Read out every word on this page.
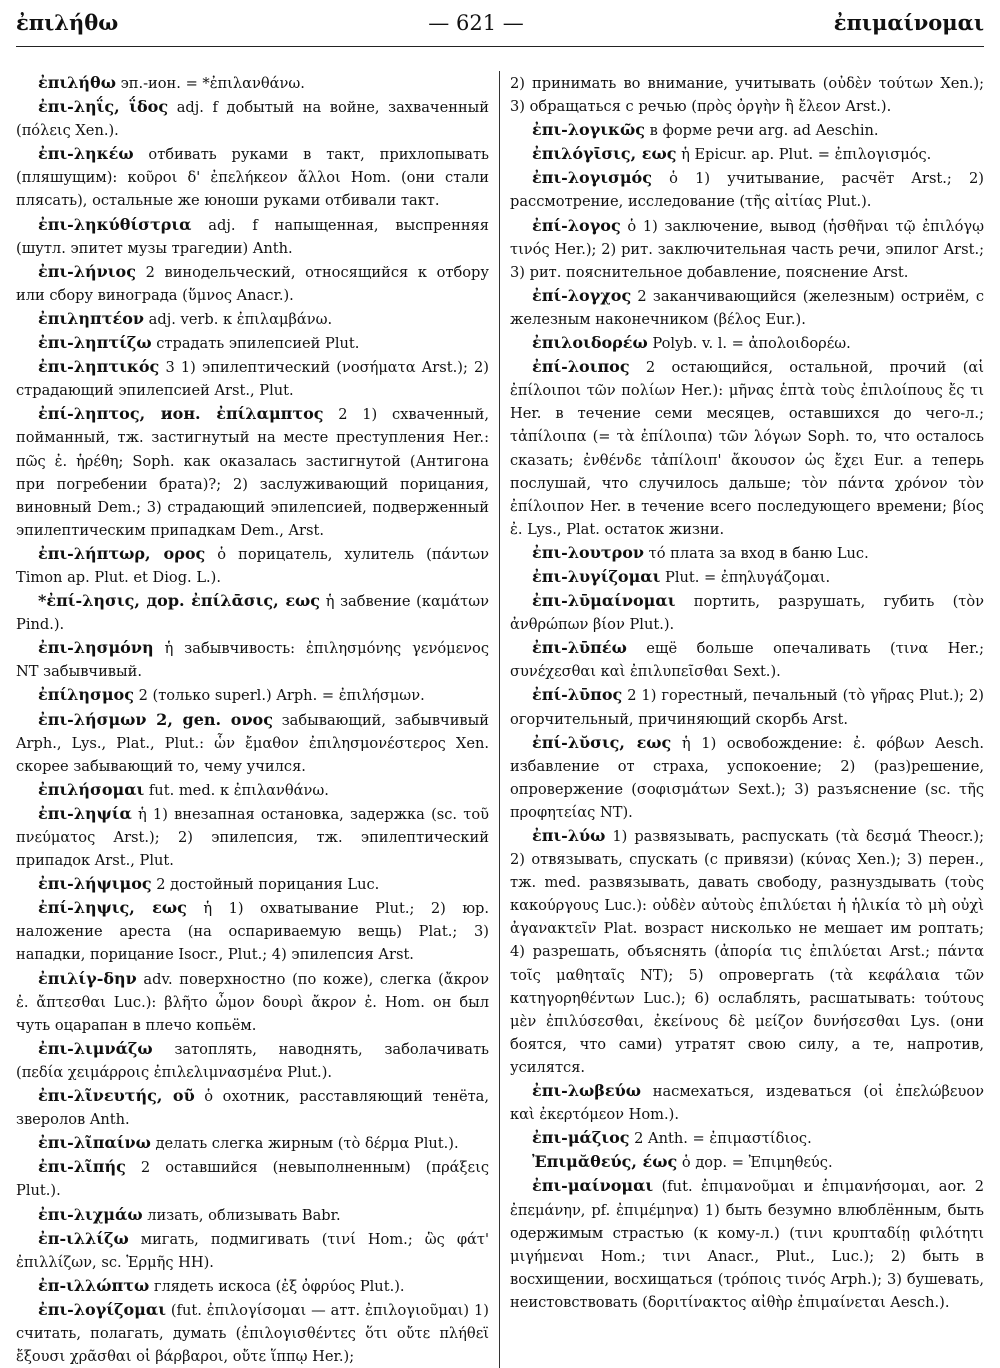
ἐπιλήθω	— 621 —	ἐπιμαίνομαι

ἐπιλήθω эп.-ион. = *ἐπιλανθάνω.

ἐπι-ληΐς, ΐδος adj. f добытый на войне, захваченный (πόλεις Xen.).

ἐπι-ληκέω отбивать руками в такт, прихлопывать (пляшущим): κοῦροι δ' ἐπελήκεον ἄλλοι Hom. (они стали плясать), остальные же юноши руками отбивали такт.

ἐπι-ληκύθίστρια adj. f напыщенная, выспренняя (шутл. эпитет музы трагедии) Anth.

ἐπι-λήνιος 2 винодельческий, относящийся к отбору или сбору винограда (ὕμνος Anacr.).

ἐπιληπτέον adj. verb. к ἐπιλαμβάνω.

ἐπι-ληπτίζω страдать эпилепсией Plut.

ἐπι-ληπτικός 3 1) эпилептический (νοσήματα Arst.); 2) страдающий эпилепсией Arst., Plut.

ἐπί-ληπτος, ион. ἐπίλαμπτος 2 1) схваченный, пойманный, тж. застигнутый на месте преступления Her.: πῶς ἐ. ἡρέθη; Soph. как оказалась застигнутой (Антигона при погребении брата)?; 2) заслуживающий порицания, виновный Dem.; 3) страдающий эпилепсией, подверженный эпилептическим припадкам Dem., Arst.

ἐπι-λήπτωρ, ορος ὁ порицатель, хулитель (πάντων Timon ap. Plut. et Diog. L.).

*ἐπί-λησις, дор. ἐπίλᾱσις, εως ἡ забвение (καμάτων Pind.).

ἐπι-λησμόνη ἡ забывчивость: ἐπιλησμόνης γενόμενος NT забывчивый.

ἐπίλησμος 2 (только superl.) Arph. = ἐπιλήσμων.

ἐπι-λήσμων 2, gen. ονος забывающий, забывчивый Arph., Lys., Plat., Plut.: ὧν ἔμαθον ἐπιλησμονέστερος Xen. скорее забывающий то, чему учился.

ἐπιλήσομαι fut. med. к ἐπιλανθάνω.

ἐπι-ληψία ἡ 1) внезапная остановка, задержка (sc. τοῦ πνεύματος Arst.); 2) эпилепсия, тж. эпилептический припадок Arst., Plut.

ἐπι-λήψιμος 2 достойный порицания Luc.

ἐπί-ληψις, εως ἡ 1) охватывание Plut.; 2) юр. наложение ареста (на оспариваемую вещь) Plat.; 3) нападки, порицание Isocr., Plut.; 4) эпилепсия Arst.

ἐπιλίγ-δην adv. поверхностно (по коже), слегка (ἄκρον ἐ. ἄπτεσθαι Luc.): βλῆτο ὦμον δουρὶ ἄκρον ἐ. Hom. он был чуть оцарапан в плечо копьём.

ἐπι-λιμνάζω затоплять, наводнять, заболачивать (πεδία χειμάρροις ἐπιλελιμνασμένα Plut.).

ἐπι-λῖνευτής, οῦ ὁ охотник, расставляющий тенёта, зверолов Anth.

ἐπι-λῖπαίνω делать слегка жирным (τὸ δέρμα Plut.).

ἐπι-λῖπής 2 оставшийся (невыполненным) (πράξεις Plut.).

ἐπι-λιχμάω лизать, облизывать Babr.

ἐπ-ιλλίζω мигать, подмигивать (τινί Hom.; ὣς φάτ' ἐπιλλίζων, sc. Ἑρμῆς HH).

ἐπ-ιλλώπτω глядеть искоса (ἐξ ὀφρύος Plut.).

ἐπι-λογίζομαι (fut. ἐπιλογίσομαι — атт. ἐπιλογιοῦμαι) 1) считать, полагать, думать (ἐπιλογισθέντες ὅτι οὔτε πλήθεϊ ἔξουσι χρᾶσθαι οἱ βάρβαροι, οὔτε ἵππῳ Her.);

2) принимать во внимание, учитывать (οὐδὲν τούτων Xen.); 3) обращаться с речью (πρὸς ὀργὴν ἢ ἔλεον Arst.).

ἐπι-λογικῶς в форме речи arg. ad Aeschin.

ἐπιλόγῑσις, εως ἡ Epicur. ap. Plut. = ἐπιλογισμός.

ἐπι-λογισμός ὁ 1) учитывание, расчёт Arst.; 2) рассмотрение, исследование (τῆς αἰτίας Plut.).

ἐπί-λογος ὁ 1) заключение, вывод (ἡσθῆναι τῷ ἐπιλόγῳ τινός Her.); 2) рит. заключительная часть речи, эпилог Arst.; 3) рит. пояснительное добавление, пояснение Arst.

ἐπί-λογχος 2 заканчивающийся (железным) остриём, с железным наконечником (βέλος Eur.).

ἐπιλοιδορέω Polyb. v. l. = ἀπολοιδορέω.

ἐπί-λοιπος 2 остающийся, остальной, прочий (αἱ ἐπίλοιποι τῶν πολίων Her.): μῆνας ἑπτὰ τοὺς ἐπιλοίπους ἔς τι Her. в течение семи месяцев, оставшихся до чего-л.; τἀπίλοιπα (= τὰ ἐπίλοιπα) τῶν λόγων Soph. то, что осталось сказать; ἐνθένδε τἀπίλοιπ' ἄκουσον ὡς ἔχει Eur. а теперь послушай, что случилось дальше; τὸν πάντα χρόνον τὸν ἐπίλοιπον Her. в течение всего последующего времени; βίος ἐ. Lys., Plat. остаток жизни.

ἐπι-λουτρον τό плата за вход в баню Luc.

ἐπι-λυγίζομαι Plut. = ἐπηλυγάζομαι.

ἐπι-λῡμαίνομαι портить, разрушать, губить (τὸν ἀνθρώπων βίον Plut.).

ἐπι-λῡπέω ещё больше опечаливать (τινα Her.; συνέχεσθαι καὶ ἐπιλυπεῖσθαι Sext.).

ἐπί-λῡπος 2 1) горестный, печальный (τὸ γῆρας Plut.); 2) огорчительный, причиняющий скорбь Arst.

ἐπί-λῠσις, εως ἡ 1) освобождение: ἐ. φόβων Aesch. избавление от страха, успокоение; 2) (раз)решение, опровержение (σοφισμάτων Sext.); 3) разъяснение (sc. τῆς προφητείας NT).

ἐπι-λύω 1) развязывать, распускать (τὰ δεσμά Theocr.); 2) отвязывать, спускать (с привязи) (κύνας Xen.); 3) перен., тж. med. развязывать, давать свободу, разнуздывать (τοὺς κακούργους Luc.): οὐδὲν αὐτοὺς ἐπιλύεται ἡ ἡλικία τὸ μὴ οὐχὶ ἀγανακτεῖν Plat. возраст нисколько не мешает им роптать; 4) разрешать, объяснять (ἀπορία τις ἐπιλύεται Arst.; πάντα τοῖς μαθηταῖς NT); 5) опровергать (τὰ κεφάλαια τῶν κατηγορηθέντων Luc.); 6) ослаблять, расшатывать: τούτους μὲν ἐπιλύσεσθαι, ἐκείνους δὲ μείζον δυνήσεσθαι Lys. (они боятся, что сами) утратят свою силу, а те, напротив, усилятся.

ἐπι-λωβεύω насмехаться, издеваться (οἱ ἐπελώβευον καὶ ἐκερτόμεον Hom.).

ἐπι-μάζιος 2 Anth. = ἐπιμαστίδιος.

Ἐπιμᾰθεύς, έως ὁ дор. = Ἐπιμηθεύς.

ἐπι-μαίνομαι (fut. ἐπιμανοῦμαι и ἐπιμανήσομαι, aor. 2 ἐπεμάνην, pf. ἐπιμέμηνα) 1) быть безумно влюблённым, быть одержимым страстью (к кому-л.) (τινι κρυπταδίῃ φιλότητι μιγήμεναι Hom.; τινι Anacr., Plut., Luc.); 2) быть в восхищении, восхищаться (τρόποις τινός Arph.); 3) бушевать, неистовствовать (δοριτίνακτος αἰθὴρ ἐπιμαίνεται Aesch.).
